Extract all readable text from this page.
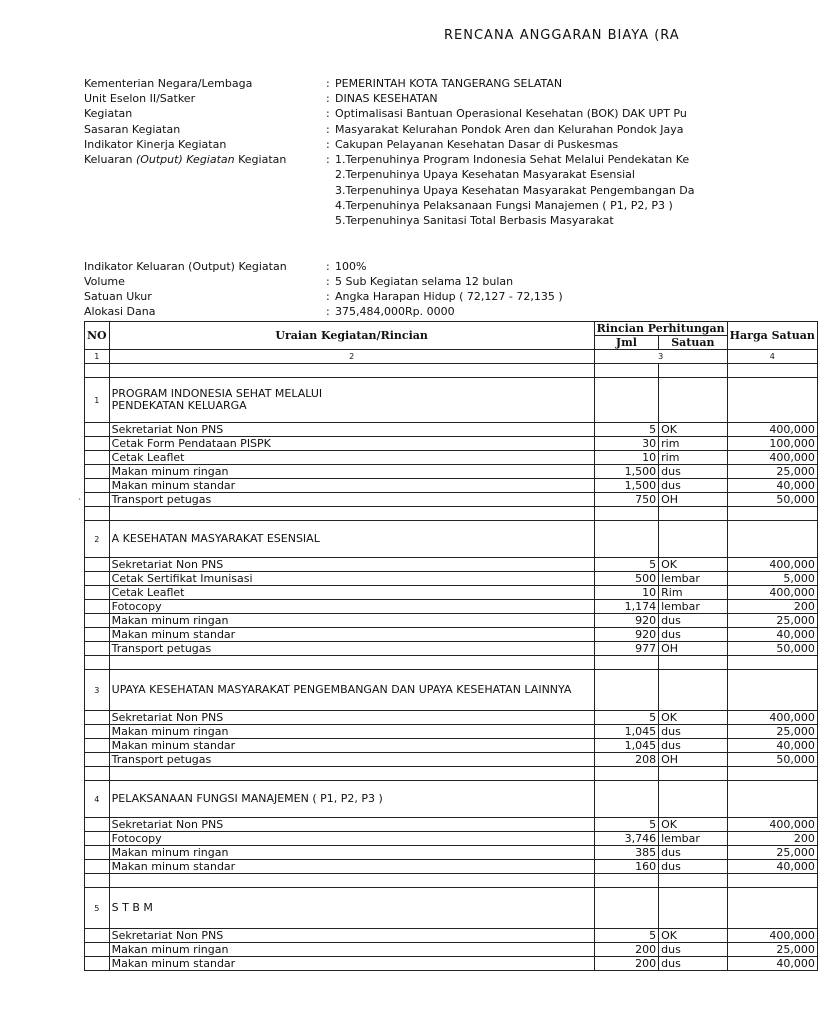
RENCANA ANGGARAN BIAYA (RA
Kementerian Negara/Lembaga	: PEMERINTAH KOTA TANGERANG SELATAN
Unit Eselon II/Satker	: DINAS KESEHATAN
Kegiatan	: Optimalisasi Bantuan Operasional Kesehatan (BOK) DAK UPT Pu
Sasaran Kegiatan	: Masyarakat Kelurahan Pondok Aren dan Kelurahan Pondok Jaya
Indikator Kinerja Kegiatan	: Cakupan Pelayanan Kesehatan Dasar di Puskesmas
Keluaran (Output) Kegiatan Kegiatan	: 1.Terpenuhinya Program Indonesia Sehat Melalui Pendekatan Ke
2.Terpenuhinya Upaya Kesehatan Masyarakat Esensial
3.Terpenuhinya Upaya Kesehatan Masyarakat Pengembangan Da
4.Terpenuhinya Pelaksanaan Fungsi Manajemen ( P1, P2, P3 )
5.Terpenuhinya Sanitasi Total Berbasis Masyarakat
Indikator Keluaran (Output) Kegiatan	: 100%
Volume	: 5 Sub Kegiatan selama 12 bulan
Satuan Ukur	: Angka Harapan Hidup ( 72,127 - 72,135 )
Alokasi Dana	: 375,484,000Rp. 0000
`
NO	Uraian Kegiatan/Rincian	Rincian Perhitungan		Harga Satuan
		Jml	Satuan	
1	2	3		4

1	PROGRAM INDONESIA SEHAT MELALUI PENDEKATAN KELUARGA			

	Sekretariat Non PNS	5	OK	400,000
	Cetak Form Pendataan PISPK	30	rim	100,000
	Cetak Leaflet	10	rim	400,000
	Makan minum ringan	1,500	dus	25,000
	Makan minum standar	1,500	dus	40,000
	Transport petugas	750	OH	50,000

2	A KESEHATAN MASYARAKAT ESENSIAL			

	Sekretariat Non PNS	5	OK	400,000
	Cetak Sertifikat Imunisasi	500	lembar	5,000
	Cetak Leaflet	10	Rim	400,000
	Fotocopy	1,174	lembar	200
	Makan minum ringan	920	dus	25,000
	Makan minum standar	920	dus	40,000
	Transport petugas	977	OH	50,000

3	UPAYA KESEHATAN MASYARAKAT PENGEMBANGAN DAN UPAYA KESEHATAN LAINNYA			

	Sekretariat Non PNS	5	OK	400,000
	Makan minum ringan	1,045	dus	25,000
	Makan minum standar	1,045	dus	40,000
	Transport petugas	208	OH	50,000

4	PELAKSANAAN FUNGSI MANAJEMEN ( P1, P2, P3 )			

	Sekretariat Non PNS	5	OK	400,000
	Fotocopy	3,746	lembar	200
	Makan minum ringan	385	dus	25,000
	Makan minum standar	160	dus	40,000

5	S T B M			

	Sekretariat Non PNS	5	OK	400,000
	Makan minum ringan	200	dus	25,000
	Makan minum standar	200	dus	40,000
